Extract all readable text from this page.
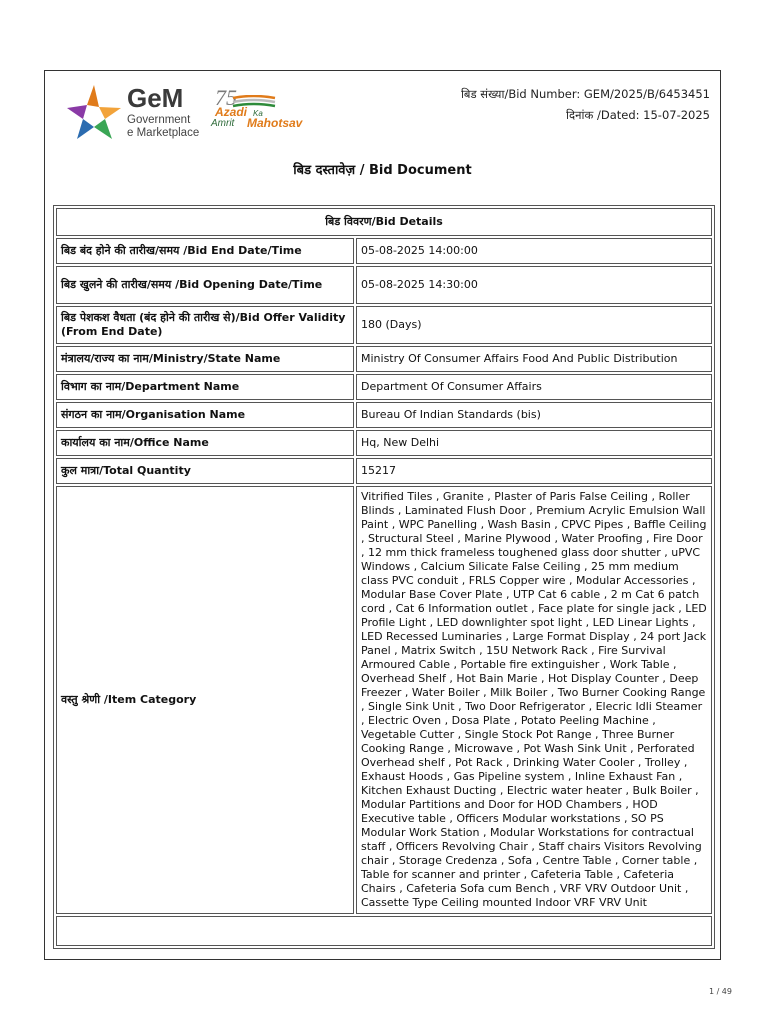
GeM
Government
e Marketplace
75
Azadi Ka
Amrit Mahotsav
बिड संख्या/Bid Number: GEM/2025/B/6453451
दिनांक /Dated: 15-07-2025
बिड दस्तावेज़ / Bid Document
बिड विवरण/Bid Details	
बिड बंद होने की तारीख/समय /Bid End Date/Time	05-08-2025 14:00:00
बिड खुलने की तारीख/समय /Bid Opening Date/Time	05-08-2025 14:30:00
बिड पेशकश वैधता (बंद होने की तारीख से)/Bid Offer Validity (From End Date)	180 (Days)
मंत्रालय/राज्य का नाम/Ministry/State Name	Ministry Of Consumer Affairs Food And Public Distribution
विभाग का नाम/Department Name	Department Of Consumer Affairs
संगठन का नाम/Organisation Name	Bureau Of Indian Standards (bis)
कार्यालय का नाम/Office Name	Hq, New Delhi
कुल मात्रा/Total Quantity	15217
वस्तु श्रेणी /Item Category	Vitrified Tiles , Granite , Plaster of Paris False Ceiling , Roller Blinds , Laminated Flush Door , Premium Acrylic Emulsion Wall Paint , WPC Panelling , Wash Basin , CPVC Pipes , Baffle Ceiling , Structural Steel , Marine Plywood , Water Proofing , Fire Door , 12 mm thick frameless toughened glass door shutter , uPVC Windows , Calcium Silicate False Ceiling , 25 mm medium class PVC conduit , FRLS Copper wire , Modular Accessories , Modular Base Cover Plate , UTP Cat 6 cable , 2 m Cat 6 patch cord , Cat 6 Information outlet , Face plate for single jack , LED Profile Light , LED downlighter spot light , LED Linear Lights , LED Recessed Luminaries , Large Format Display , 24 port Jack Panel , Matrix Switch , 15U Network Rack , Fire Survival Armoured Cable , Portable fire extinguisher , Work Table , Overhead Shelf , Hot Bain Marie , Hot Display Counter , Deep Freezer , Water Boiler , Milk Boiler , Two Burner Cooking Range , Single Sink Unit , Two Door Refrigerator , Elecric Idli Steamer , Electric Oven , Dosa Plate , Potato Peeling Machine , Vegetable Cutter , Single Stock Pot Range , Three Burner Cooking Range , Microwave , Pot Wash Sink Unit , Perforated Overhead shelf , Pot Rack , Drinking Water Cooler , Trolley , Exhaust Hoods , Gas Pipeline system , Inline Exhaust Fan , Kitchen Exhaust Ducting , Electric water heater , Bulk Boiler , Modular Partitions and Door for HOD Chambers , HOD Executive table , Officers Modular workstations , SO PS Modular Work Station , Modular Workstations for contractual staff , Officers Revolving Chair , Staff chairs Visitors Revolving chair , Storage Credenza , Sofa , Centre Table , Corner table , Table for scanner and printer , Cafeteria Table , Cafeteria Chairs , Cafeteria Sofa cum Bench , VRF VRV Outdoor Unit , Cassette Type Ceiling mounted Indoor VRF VRV Unit

1 / 49
